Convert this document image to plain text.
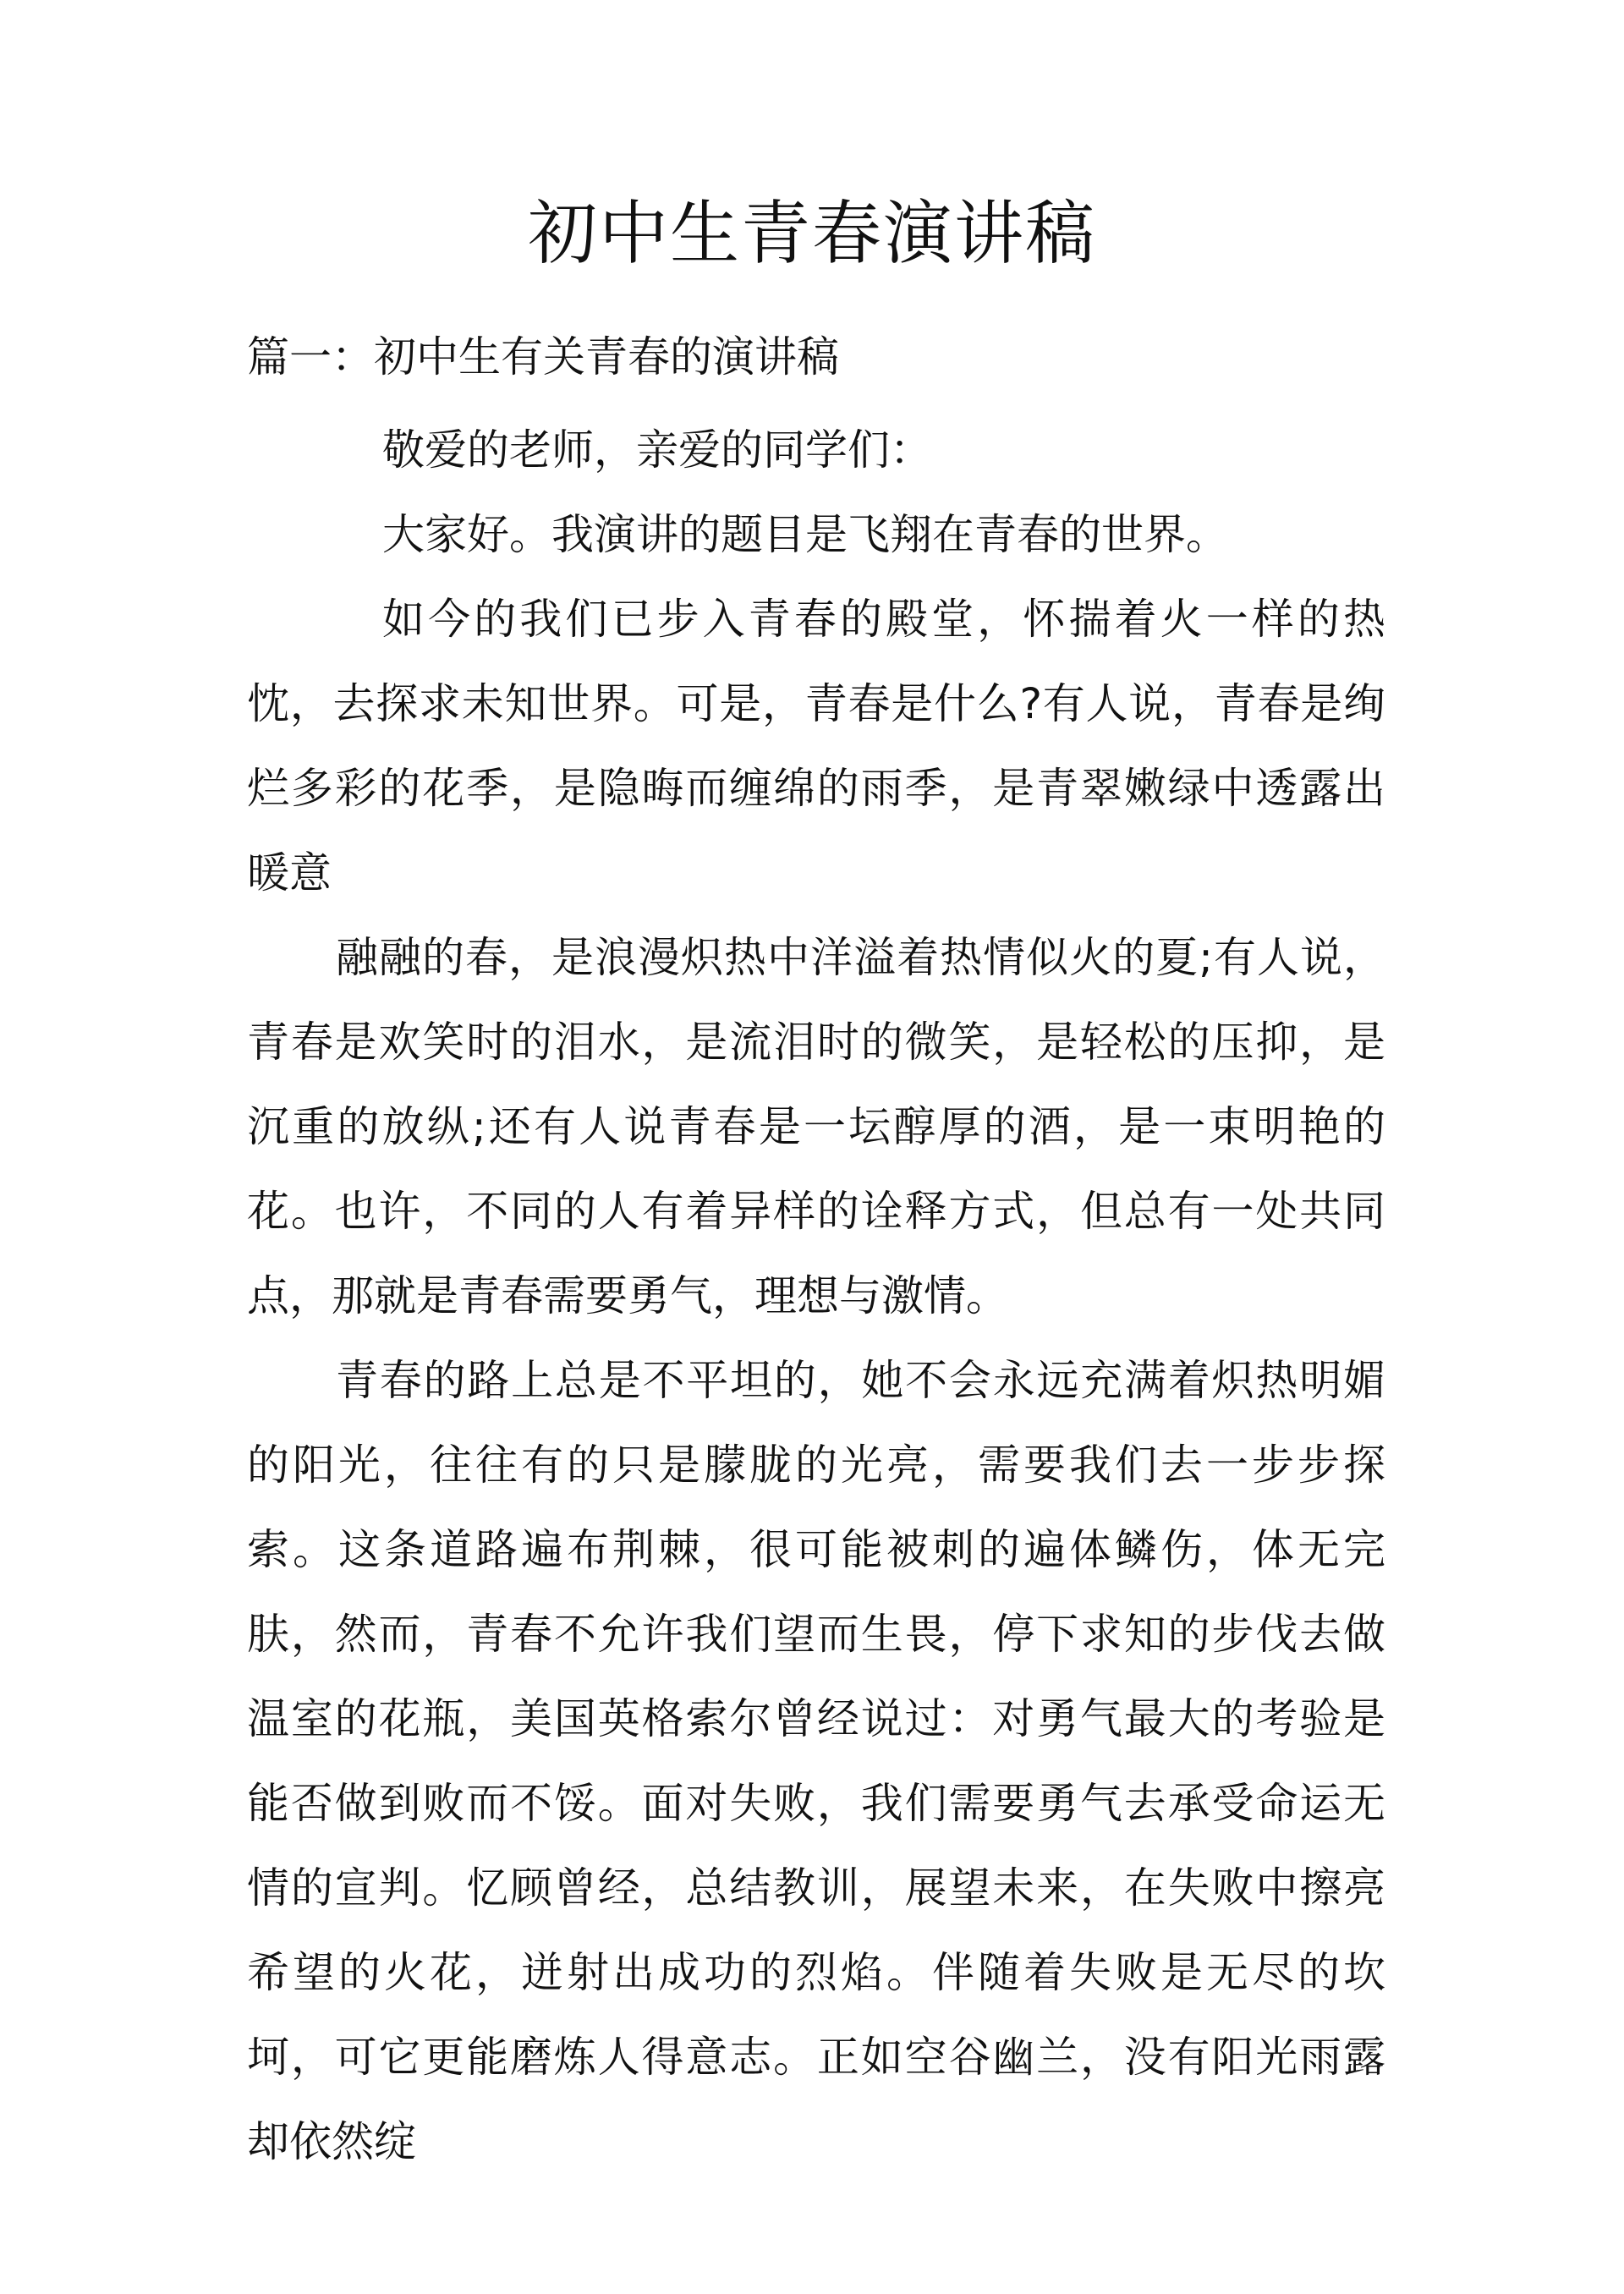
初中生青春演讲稿
篇一：初中生有关青春的演讲稿

敬爱的老师，亲爱的同学们：

大家好。我演讲的题目是飞翔在青春的世界。

如今的我们已步入青春的殿堂，怀揣着火一样的热忱，去探求未知世界。可是，青春是什么?有人说，青春是绚烂多彩的花季，是隐晦而缠绵的雨季，是青翠嫩绿中透露出暖意

融融的春，是浪漫炽热中洋溢着热情似火的夏;有人说，青春是欢笑时的泪水，是流泪时的微笑，是轻松的压抑，是沉重的放纵;还有人说青春是一坛醇厚的酒，是一束明艳的花。也许，不同的人有着异样的诠释方式，但总有一处共同点，那就是青春需要勇气，理想与激情。

青春的路上总是不平坦的，她不会永远充满着炽热明媚的阳光，往往有的只是朦胧的光亮，需要我们去一步步探索。这条道路遍布荆棘，很可能被刺的遍体鳞伤，体无完肤，然而，青春不允许我们望而生畏，停下求知的步伐去做温室的花瓶，美国英格索尔曾经说过：对勇气最大的考验是能否做到败而不馁。面对失败，我们需要勇气去承受命运无情的宣判。忆顾曾经，总结教训，展望未来，在失败中擦亮希望的火花，迸射出成功的烈焰。伴随着失败是无尽的坎坷，可它更能磨炼人得意志。正如空谷幽兰，没有阳光雨露却依然绽
